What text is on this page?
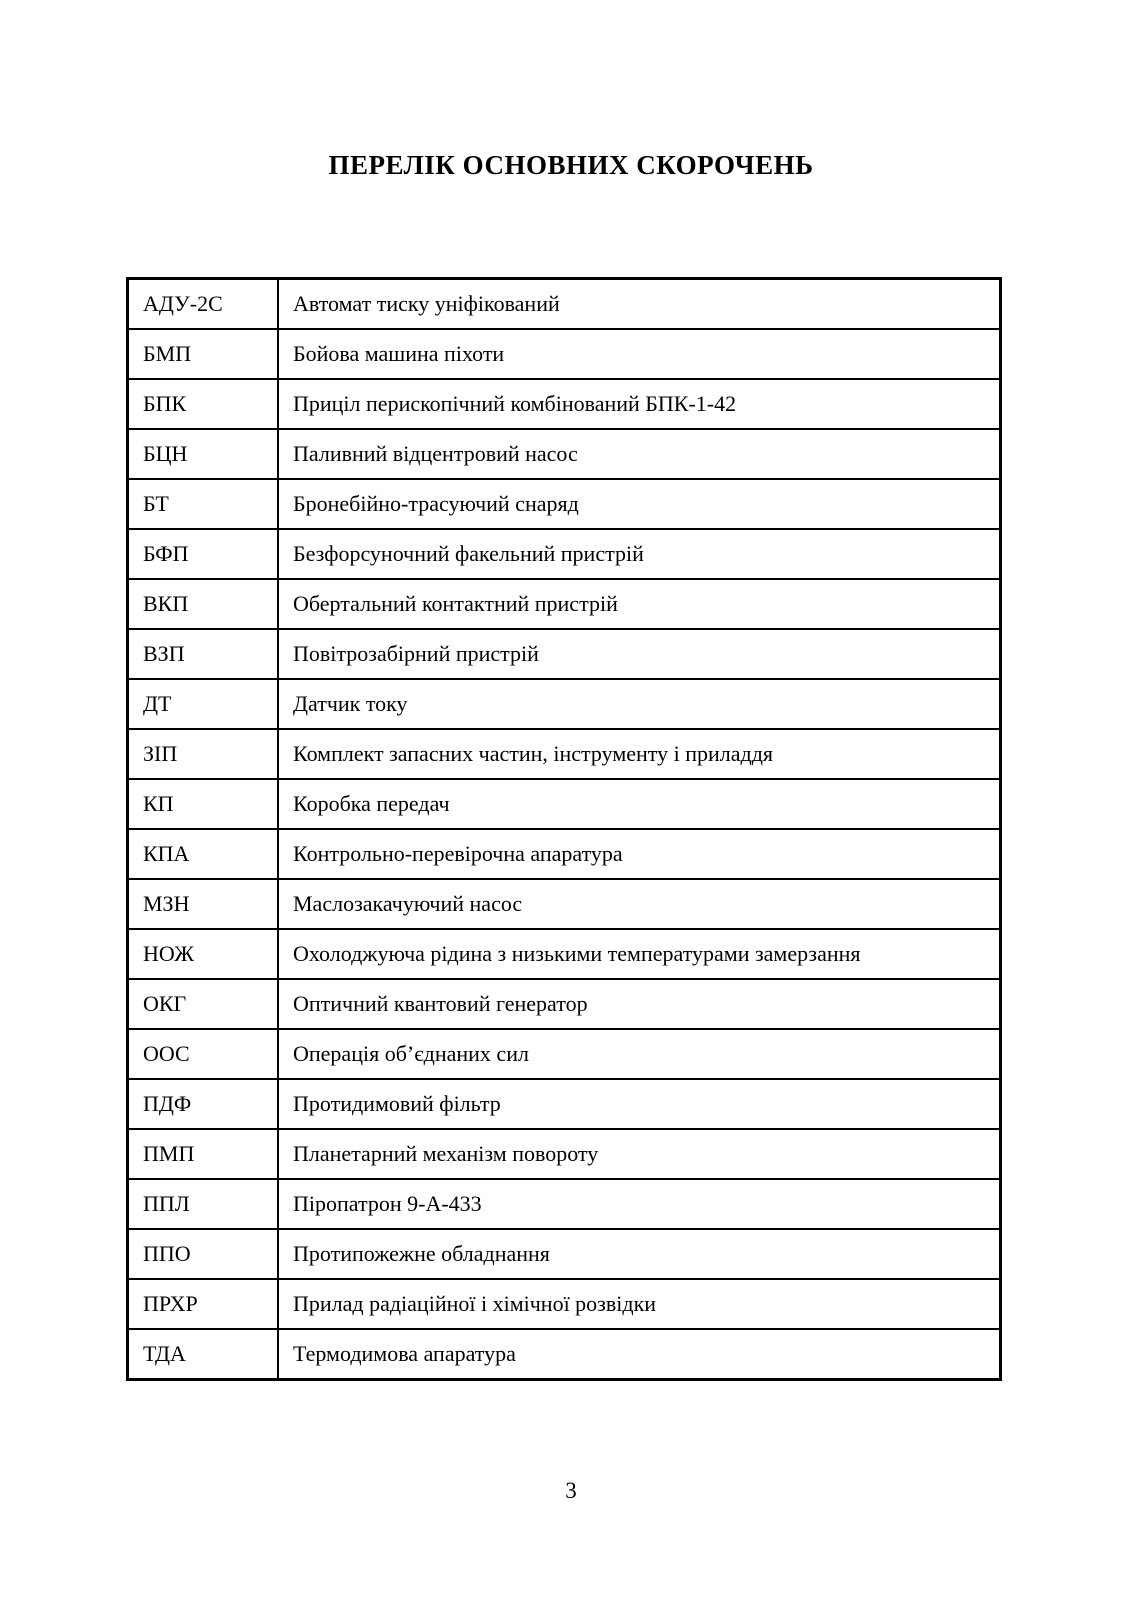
ПЕРЕЛІК ОСНОВНИХ СКОРОЧЕНЬ
АДУ-2С	Автомат тиску уніфікований
БМП	Бойова машина піхоти
БПК	Приціл перископічний комбінований БПК-1-42
БЦН	Паливний відцентровий насос
БТ	Бронебійно-трасуючий снаряд
БФП	Безфорсуночний факельний пристрій
ВКП	Обертальний контактний пристрій
ВЗП	Повітрозабірний пристрій
ДТ	Датчик току
ЗІП	Комплект запасних частин, інструменту і приладдя
КП	Коробка передач
КПА	Контрольно-перевірочна апаратура
МЗН	Маслозакачуючий насос
НОЖ	Охолоджуюча рідина з низькими температурами замерзання
ОКГ	Оптичний квантовий генератор
ООС	Операція об’єднаних сил
ПДФ	Протидимовий фільтр
ПМП	Планетарний механізм повороту
ППЛ	Піропатрон 9-А-433
ППО	Протипожежне обладнання
ПРХР	Прилад радіаційної і хімічної розвідки
ТДА	Термодимова апаратура
3
